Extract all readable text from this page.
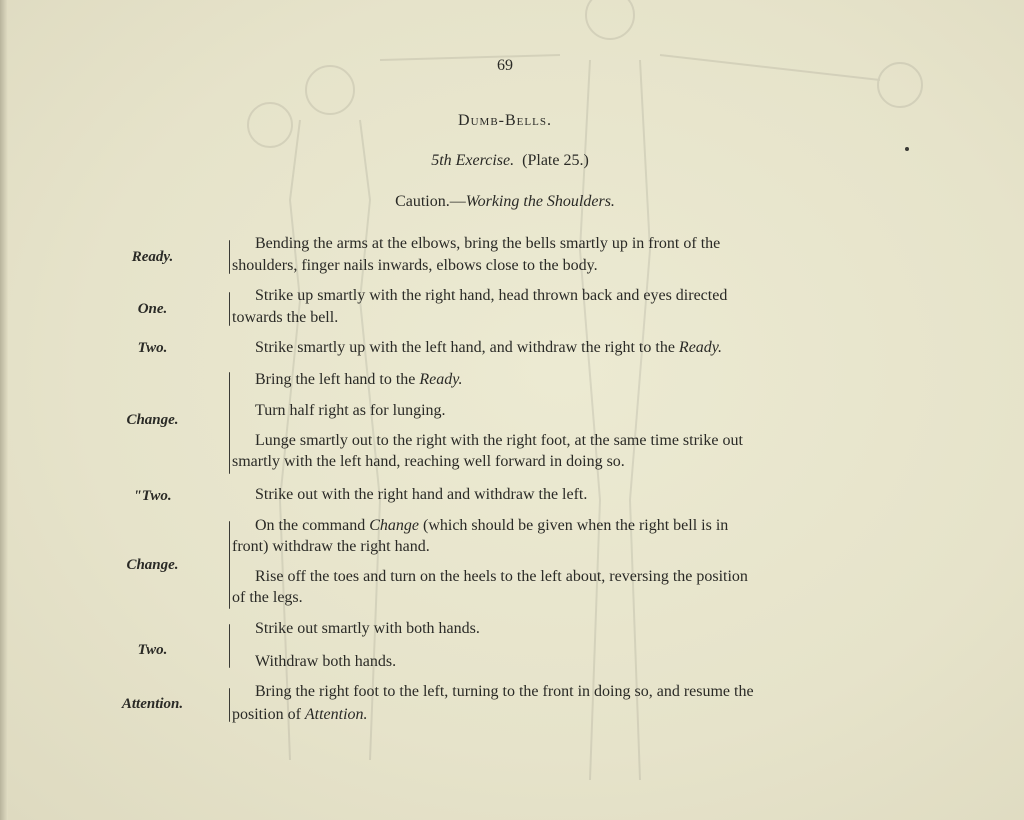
69
Dumb-Bells.
5th Exercise. (Plate 25.)
Caution.—Working the Shoulders.
Ready.
Bending the arms at the elbows, bring the bells smartly up in front of the
shoulders, finger nails inwards, elbows close to the body.
One.
Strike up smartly with the right hand, head thrown back and eyes directed
towards the bell.
Two.	Strike smartly up with the left hand, and withdraw the right to the Ready.
Change.
Bring the left hand to the Ready.
Turn half right as for lunging.
Lunge smartly out to the right with the right foot, at the same time strike out
smartly with the left hand, reaching well forward in doing so.
"Two.	Strike out with the right hand and withdraw the left.
Change.
On the command Change (which should be given when the right bell is in
front) withdraw the right hand.
Rise off the toes and turn on the heels to the left about, reversing the position
of the legs.
Two.
Strike out smartly with both hands.
Withdraw both hands.
Attention.
Bring the right foot to the left, turning to the front in doing so, and resume the
position of Attention.
